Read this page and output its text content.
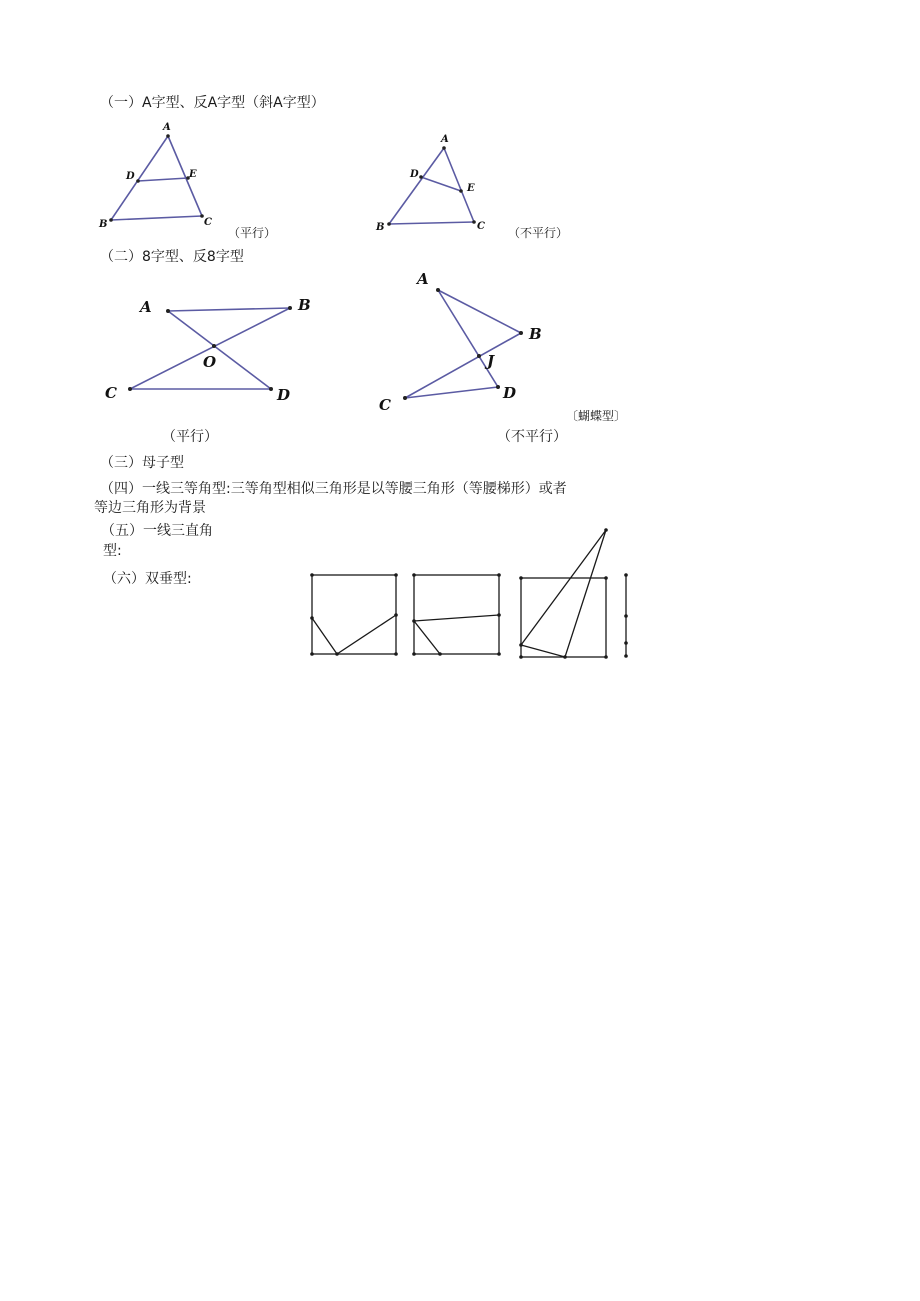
（一）A字型、反A字型（斜A字型）
A
D	E
B	C
（平行）
A
D
E
B	C （不平行）
（二）8字型、反8字型
A	B
O
C	D
（平行）
A
B
J
D
C
〔蝴蝶型〕
（不平行）
（三）母子型
（四）一线三等角型:三等角型相似三角形是以等腰三角形（等腰梯形）或者
等边三角形为背景
（五）一线三直角
型:
（六）双垂型:
